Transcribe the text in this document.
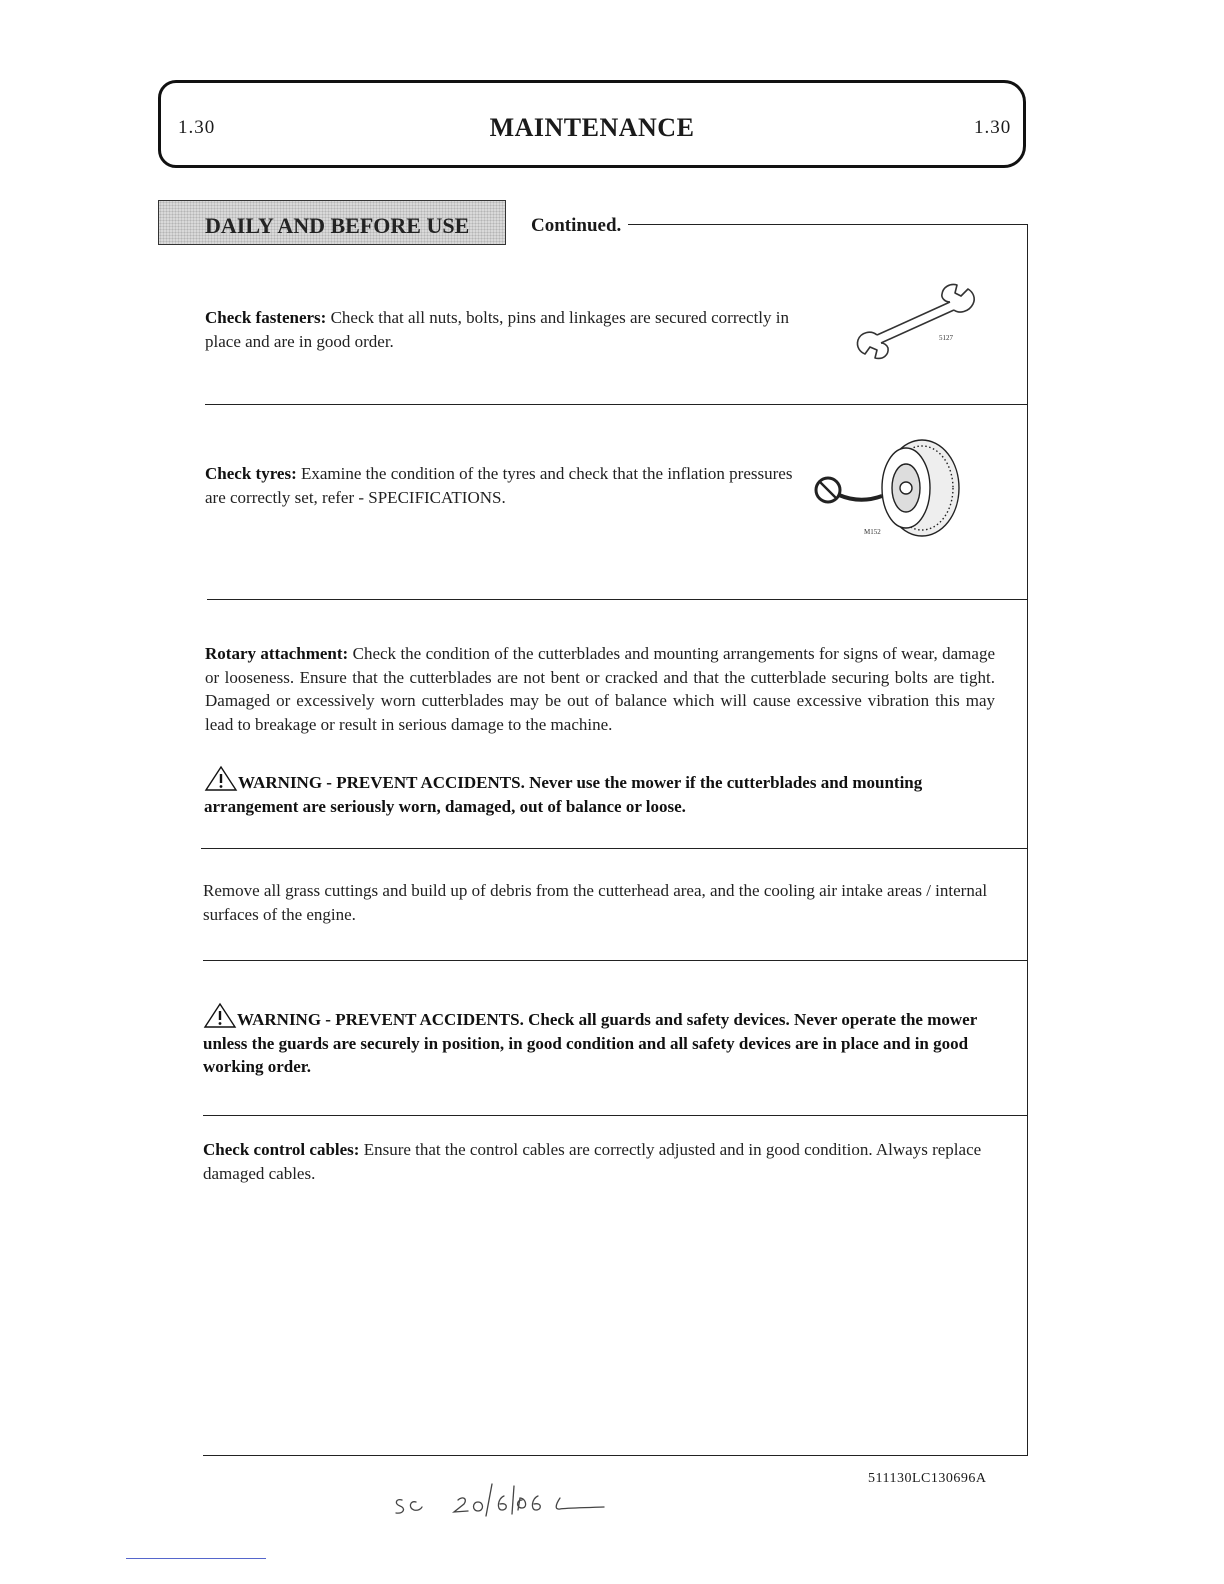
1.30	MAINTENANCE	1.30
DAILY AND BEFORE USE	Continued.
Check fasteners: Check that all nuts, bolts, pins and linkages are secured correctly in place and are in good order.	5127
Check tyres: Examine the condition of the tyres and check that the inflation pressures are correctly set, refer - SPECIFICATIONS.
M152
Rotary attachment: Check the condition of the cutterblades and mounting arrangements for signs of wear, damage or looseness. Ensure that the cutterblades are not bent or cracked and that the cutterblade securing bolts are tight. Damaged or excessively worn cutterblades may be out of balance which will cause excessive vibration this may lead to breakage or result in serious damage to the machine.
WARNING - PREVENT ACCIDENTS. Never use the mower if the cutterblades and mounting arrangement are seriously worn, damaged, out of balance or loose.
Remove all grass cuttings and build up of debris from the cutterhead area, and the cooling air intake areas / internal surfaces of the engine.
WARNING - PREVENT ACCIDENTS. Check all guards and safety devices. Never operate the mower unless the guards are securely in position, in good condition and all safety devices are in place and in good working order.
Check control cables: Ensure that the control cables are correctly adjusted and in good condition. Always replace damaged cables.
511130LC130696A
